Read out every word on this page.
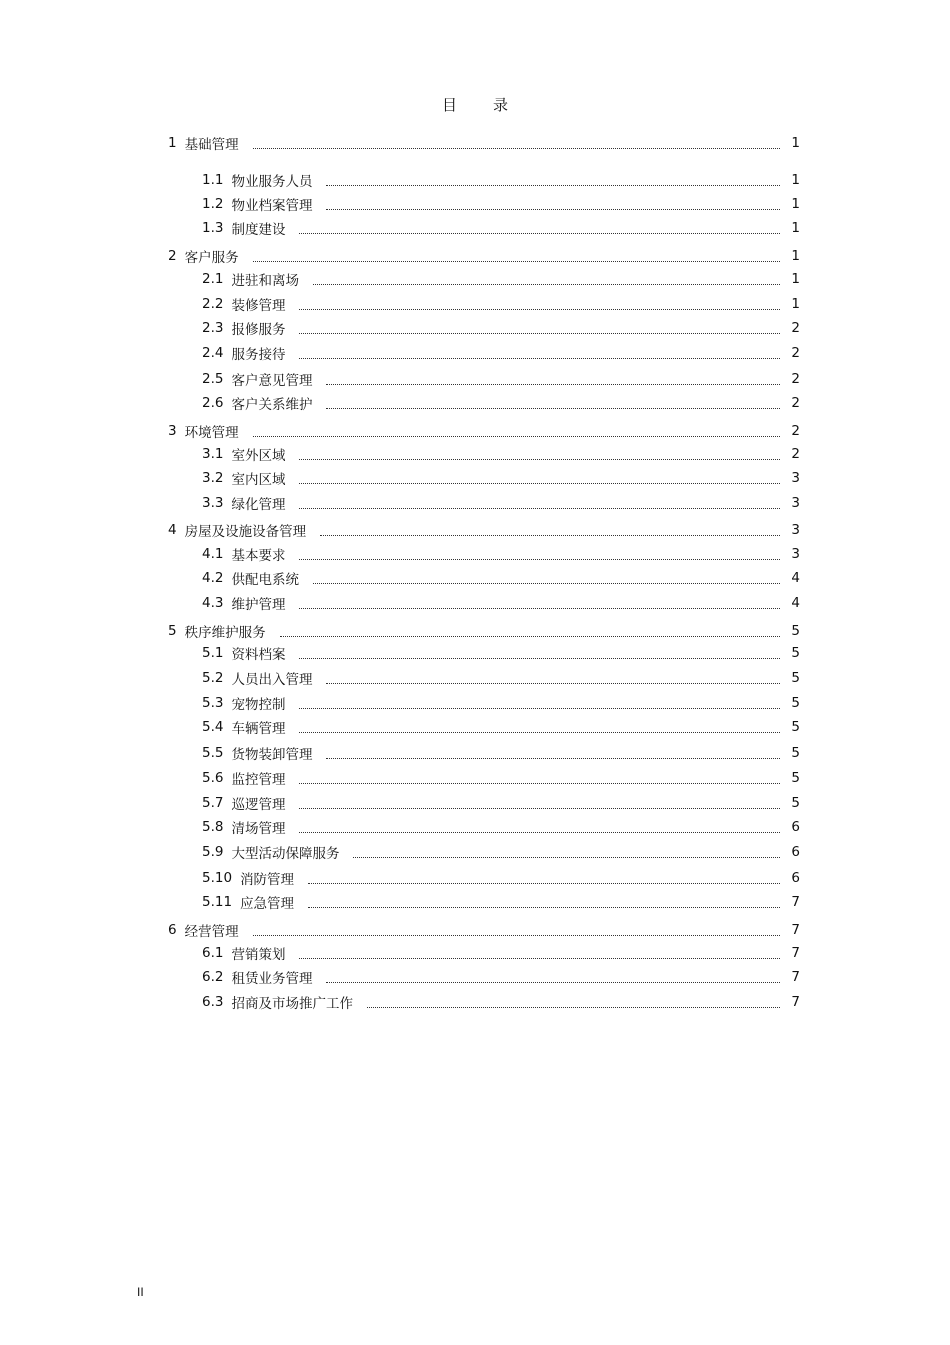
目 录
1 基础管理	1
1.1 物业服务人员	1
1.2 物业档案管理	1
1.3 制度建设	1
2 客户服务	1
2.1 进驻和离场	1
2.2 装修管理	1
2.3 报修服务	2
2.4 服务接待	2
2.5 客户意见管理	2
2.6 客户关系维护	2
3 环境管理	2
3.1 室外区域	2
3.2 室内区域	3
3.3 绿化管理	3
4 房屋及设施设备管理	3
4.1 基本要求	3
4.2 供配电系统	4
4.3 维护管理	4
5 秩序维护服务	5
5.1 资料档案	5
5.2 人员出入管理	5
5.3 宠物控制	5
5.4 车辆管理	5
5.5 货物装卸管理	5
5.6 监控管理	5
5.7 巡逻管理	5
5.8 清场管理	6
5.9 大型活动保障服务	6
5.10 消防管理	6
5.11 应急管理	7
6 经营管理	7
6.1 营销策划	7
6.2 租赁业务管理	7
6.3 招商及市场推广工作	7
II
